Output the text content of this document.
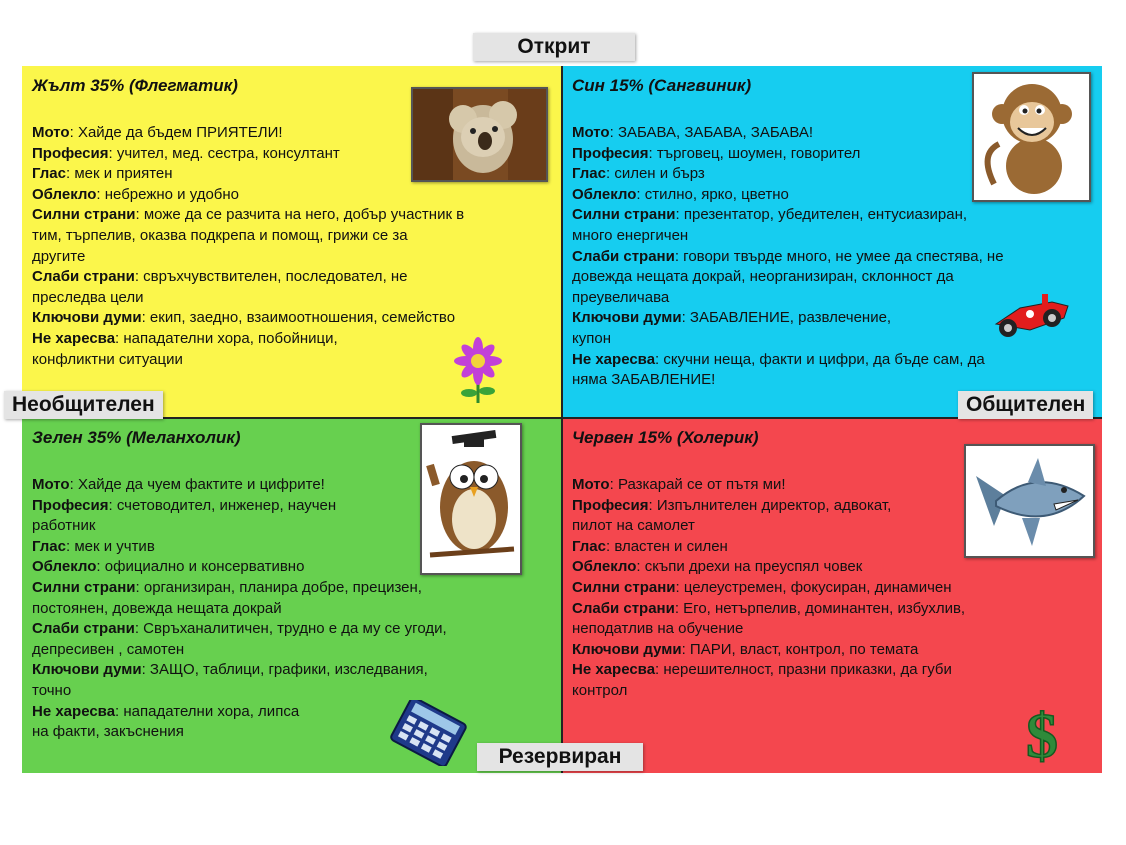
Жълт 35% (Флегматик)
Мото: Хайде да бъдем ПРИЯТЕЛИ!
Професия: учител, мед. сестра, консултант
Глас: мек и приятен
Облекло: небрежно и удобно
Силни страни: може да се разчита на него, добър участник в
тим, търпелив, оказва подкрепа и помощ, грижи се за
другите
Слаби страни: свръхчувствителен, последовател, не
преследва цели
Ключови думи: екип, заедно, взаимоотношения, семейство
Не харесва: нападателни хора, побойници,
конфликтни ситуации
Син 15% (Сангвиник)
Мото: ЗАБАВА, ЗАБАВА, ЗАБАВА!
Професия: търговец, шоумен, говорител
Глас: силен и бърз
Облекло: стилно, ярко, цветно
Силни страни: презентатор, убедителен, ентусиазиран,
много енергичен
Слаби страни: говори твърде много, не умее да спестява, не
довежда нещата докрай, неорганизиран, склонност да
преувеличава
Ключови думи: ЗАБАВЛЕНИЕ, развлечение,
купон
Не харесва: скучни неща, факти и цифри, да бъде сам, да
няма ЗАБАВЛЕНИЕ!
Зелен 35% (Меланхолик)
Мото: Хайде да чуем фактите и цифрите!
Професия: счетоводител, инженер, научен
работник
Глас: мек и учтив
Облекло: официално и консервативно
Силни страни: организиран, планира добре, прецизен,
постоянен, довежда нещата докрай
Слаби страни: Свръханалитичен, трудно е да му се угоди,
депресивен , самотен
Ключови думи: ЗАЩО, таблици, графики, изследвания,
точно
Не харесва: нападателни хора, липса
на факти, закъснения
Червен 15% (Холерик)
Мото: Разкарай се от пътя ми!
Професия: Изпълнителен директор, адвокат,
пилот на самолет
Глас: властен и силен
Облекло: скъпи дрехи на преуспял човек
Силни страни: целеустремен, фокусиран, динамичен
Слаби страни: Его, нетърпелив, доминантен, избухлив,
неподатлив на обучение
Ключови думи: ПАРИ, власт, контрол, по темата
Не харесва: нерешителност, празни приказки, да губи
контрол
$
Открит
Резервиран
Необщителен	Общителен
